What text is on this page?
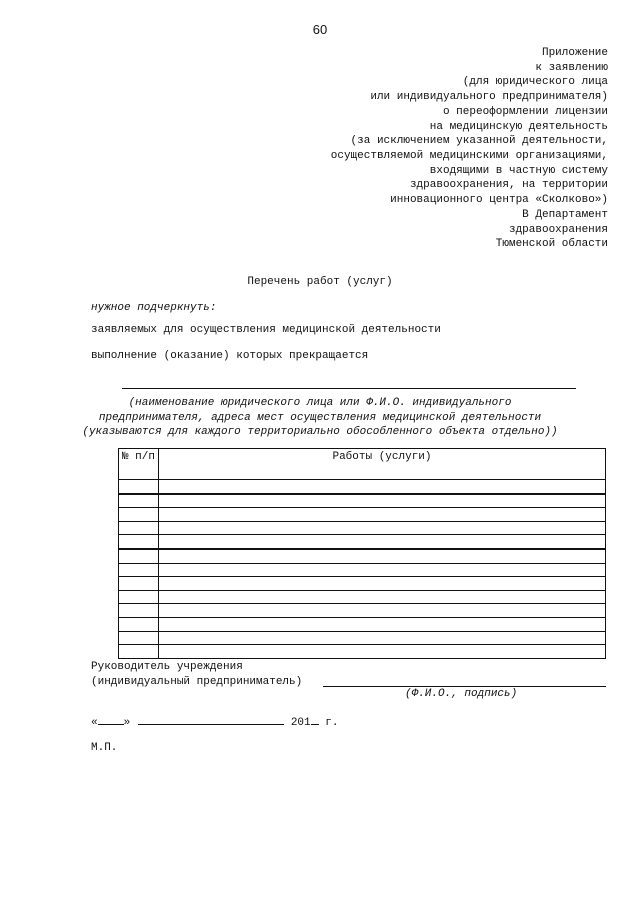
60
Приложение
к заявлению
(для юридического лица
или индивидуального предпринимателя)
о переоформлении лицензии
на медицинскую деятельность
(за исключением указанной деятельности,
осуществляемой медицинскими организациями,
входящими в частную систему
здравоохранения, на территории
инновационного центра «Сколково»)
В Департамент
здравоохранения
Тюменской области
Перечень работ (услуг)
нужное подчеркнуть:
заявляемых для осуществления медицинской деятельности
выполнение (оказание) которых прекращается
(наименование юридического лица или Ф.И.О. индивидуального
предпринимателя, адреса мест осуществления медицинской деятельности
(указываются для каждого территориально обособленного объекта отдельно))
№ п/п	Работы (услуги)

Руководитель учреждения
(индивидуальный предприниматель)
(Ф.И.О., подпись)
« »	201 г.
М.П.
